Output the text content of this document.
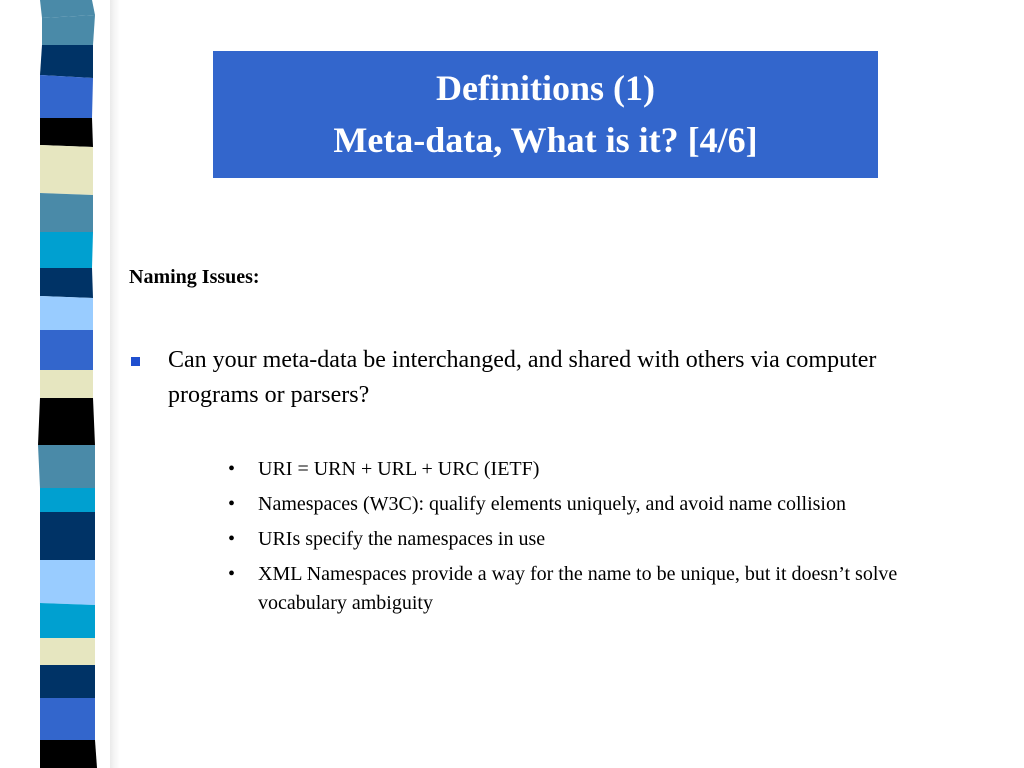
Definitions (1)
Meta-data, What is it? [4/6]
Naming Issues:
Can your meta-data be interchanged, and shared with others via computer programs or parsers?
• URI = URN + URL + URC (IETF)
• Namespaces (W3C): qualify elements uniquely, and avoid name collision
• URIs specify the namespaces in use
• XML Namespaces provide a way for the name to be unique, but it doesn’t solve vocabulary ambiguity
